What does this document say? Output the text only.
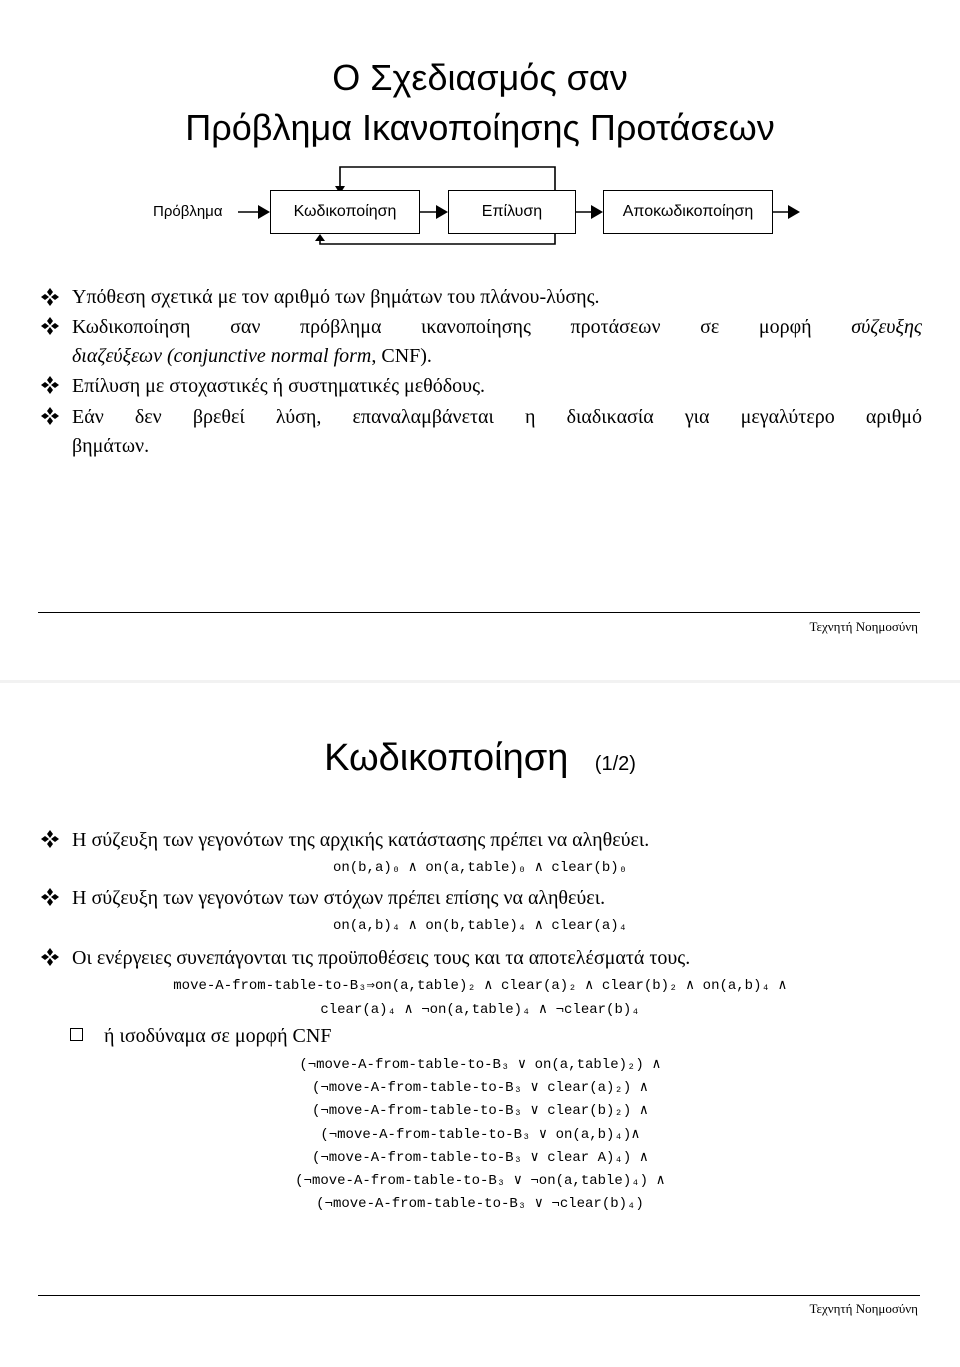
Ο Σχεδιασμός σαν
Πρόβλημα Ικανοποίησης Προτάσεων
Πρόβλημα	Κωδικοποίηση	Επίλυση	Αποκωδικοποίηση
Υπόθεση σχετικά με τον αριθμό των βημάτων του πλάνου-λύσης.
Κωδικοποίηση σαν πρόβλημα ικανοποίησης προτάσεων σε μορφή σύζευξης
διαζεύξεων (conjunctive normal form, CNF).
Επίλυση με στοχαστικές ή συστηματικές μεθόδους.
Εάν δεν βρεθεί λύση, επαναλαμβάνεται η διαδικασία για μεγαλύτερο αριθμό
βημάτων.
Τεχνητή Νοημοσύνη
Κωδικοποίηση (1/2)
Η σύζευξη των γεγονότων της αρχικής κατάστασης πρέπει να αληθεύει.
on(b,a)₀ ∧ on(a,table)₀ ∧ clear(b)₀
Η σύζευξη των γεγονότων των στόχων πρέπει επίσης να αληθεύει.
on(a,b)₄ ∧ on(b,table)₄ ∧ clear(a)₄
Οι ενέργειες συνεπάγονται τις προϋποθέσεις τους και τα αποτελέσματά τους.
move-A-from-table-to-B₃⇒on(a,table)₂ ∧ clear(a)₂ ∧ clear(b)₂ ∧ on(a,b)₄ ∧
clear(a)₄ ∧ ¬on(a,table)₄ ∧ ¬clear(b)₄
ή ισοδύναμα σε μορφή CNF
(¬move-A-from-table-to-B₃ ∨ on(a,table)₂) ∧
(¬move-A-from-table-to-B₃ ∨ clear(a)₂) ∧
(¬move-A-from-table-to-B₃ ∨ clear(b)₂) ∧
(¬move-A-from-table-to-B₃ ∨ on(a,b)₄)∧
(¬move-A-from-table-to-B₃ ∨ clear A)₄) ∧
(¬move-A-from-table-to-B₃ ∨ ¬on(a,table)₄) ∧
(¬move-A-from-table-to-B₃ ∨ ¬clear(b)₄)
Τεχνητή Νοημοσύνη
